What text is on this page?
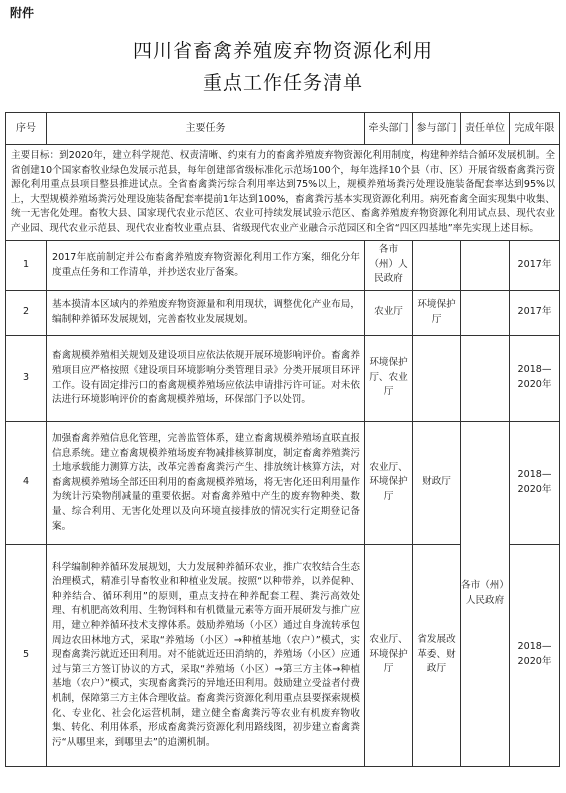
附件
四川省畜禽养殖废弃物资源化利用
重点工作任务清单
序号	主要任务	牵头部门	参与部门	责任单位	完成年限
主要目标：到2020年，建立科学规范、权责清晰、约束有力的畜禽养殖废弃物资源化利用制度，构建种养结合循环发展机制。全省创建10个国家畜牧业绿色发展示范县，每年创建部省级标准化示范场100个，每年选择10个县（市、区）开展省级畜禽粪污资源化利用重点县项目整县推进试点。全省畜禽粪污综合利用率达到75%以上，规模养殖场粪污处理设施装备配套率达到95%以上，大型规模养殖场粪污处理设施装备配套率提前1年达到100%，畜禽粪污基本实现资源化利用。病死畜禽全面实现集中收集、统一无害化处理。畜牧大县、国家现代农业示范区、农业可持续发展试验示范区、畜禽养殖废弃物资源化利用试点县、现代农业产业园、现代农业示范县、现代农业畜牧业重点县、省级现代农业产业融合示范园区和全省“四区四基地”率先实现上述目标。					
1	2017年底前制定并公布畜禽养殖废弃物资源化利用工作方案，细化分年度重点任务和工作清单，并抄送农业厅备案。	各市（州）人民政府			2017年
2	基本摸清本区域内的养殖废弃物资源量和利用现状，调整优化产业布局，编制种养循环发展规划，完善畜牧业发展规划。	农业厅	环境保护厅		2017年
3	畜禽规模养殖相关规划及建设项目应依法依规开展环境影响评价。畜禽养殖项目应严格按照《建设项目环境影响分类管理目录》分类开展项目环评工作。设有固定排污口的畜禽规模养殖场应依法申请排污许可证。对未依法进行环境影响评价的畜禽规模养殖场，环保部门予以处罚。	环境保护厅、农业厅			2018—2020年
4	加强畜禽养殖信息化管理，完善监管体系，建立畜禽规模养殖场直联直报信息系统。建立畜禽规模养殖场废弃物减排核算制度，制定畜禽养殖粪污土地承载能力测算方法，改革完善畜禽粪污产生、排放统计核算方法，对畜禽规模养殖场全部还田利用的畜禽规模养殖场，将无害化还田利用量作为统计污染物削减量的重要依据。对畜禽养殖中产生的废弃物种类、数量、综合利用、无害化处理以及向环境直接排放的情况实行定期登记备案。	农业厅、环境保护厅	财政厅	各市（州）人民政府	2018—2020年
5	科学编制种养循环发展规划，大力发展种养循环农业，推广农牧结合生态治理模式，精准引导畜牧业和种植业发展。按照“以种带养，以养促种、种养结合、循环利用”的原则，重点支持在种养配套工程、粪污高效处理、有机肥高效利用、生物饲料和有机微量元素等方面开展研发与推广应用，建立种养循环技术支撑体系。鼓励养殖场（小区）通过自身流转承包周边农田林地方式，采取“养殖场（小区）→种植基地（农户）”模式，实现畜禽粪污就近还田利用。对不能就近还田消纳的，养殖场（小区）应通过与第三方签订协议的方式，采取“养殖场（小区）→第三方主体→种植基地（农户）”模式，实现畜禽粪污的异地还田利用。鼓励建立受益者付费机制，保障第三方主体合理收益。畜禽粪污资源化利用重点县要探索规模化、专业化、社会化运营机制，建立健全畜禽粪污等农业有机废弃物收集、转化、利用体系，形成畜禽粪污资源化利用路线图，初步建立畜禽粪污“从哪里来，到哪里去”的追溯机制。	农业厅、环境保护厅	省发展改革委、财政厅		2018—2020年
